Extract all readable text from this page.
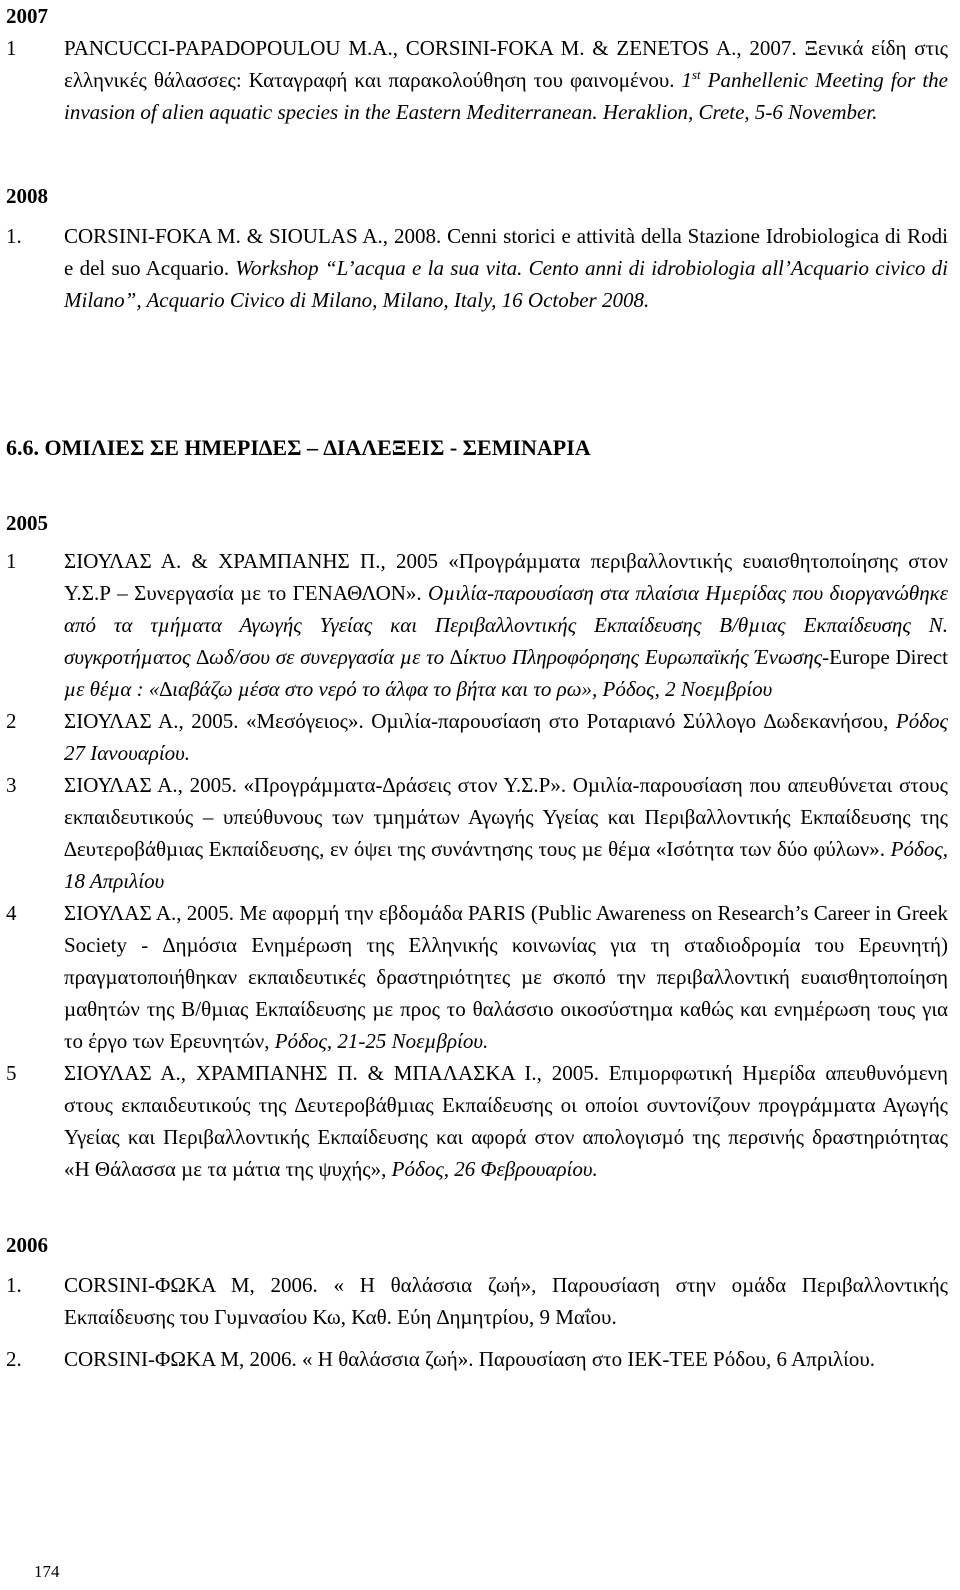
2007
1 PANCUCCI-PAPADOPOULOU M.A., CORSINI-FOKA M. & ZENETOS A., 2007. Ξενικά είδη στις ελληνικές θάλασσες: Καταγραφή και παρακολούθηση του φαινομένου. 1st Panhellenic Meeting for the invasion of alien aquatic species in the Eastern Mediterranean. Heraklion, Crete, 5-6 November.
2008
1. CORSINI-FOKA M. & SIOULAS A., 2008. Cenni storici e attività della Stazione Idrobiologica di Rodi e del suo Acquario. Workshop “L’acqua e la sua vita. Cento anni di idrobiologia all’Acquario civico di Milano”, Acquario Civico di Milano, Milano, Italy, 16 October 2008.
6.6. ΟΜΙΛΙΕΣ ΣΕ ΗΜΕΡΙ∆ΕΣ – ∆ΙΑΛΕΞΕΙΣ - ΣΕΜΙΝΑΡΙΑ
2005
1 ΣΙΟΥΛΑΣ Α. & ΧΡΑΜΠΑΝΗΣ Π., 2005 «Προγράµµατα περιβαλλοντικής ευαισθητοποίησης στον Υ.Σ.Ρ – Συνεργασία µε το ΓΕΝΑΘΛΟΝ». Οµιλία-παρουσίαση στα πλαίσια Ηµερίδας που διοργανώθηκε από τα τµήµατα Αγωγής Υγείας και Περιβαλλοντικής Εκπαίδευσης Β/θµιας Εκπαίδευσης Ν. συγκροτήµατος ∆ωδ/σου σε συνεργασία µε το ∆ίκτυο Πληροφόρησης Ευρωπαϊκής Ένωσης-Europe Direct µε θέµα : «∆ιαβάζω µέσα στο νερό το άλφα το βήτα και το ρω», Ρόδος, 2 Νοεµβρίου
2 ΣΙΟΥΛΑΣ Α., 2005. «Μεσόγειος». Οµιλία-παρουσίαση στο Ροταριανό Σύλλογο ∆ωδεκανήσου, Ρόδος 27 Ιανουαρίου.
3 ΣΙΟΥΛΑΣ Α., 2005. «Προγράµµατα-∆ράσεις στον Υ.Σ.Ρ». Οµιλία-παρουσίαση που απευθύνεται στους εκπαιδευτικούς – υπεύθυνους των τµηµάτων Αγωγής Υγείας και Περιβαλλοντικής Εκπαίδευσης της ∆ευτεροβάθµιας Εκπαίδευσης, εν όψει της συνάντησης τους µε θέµα «Ισότητα των δύο φύλων». Ρόδος, 18 Απριλίου
4 ΣΙΟΥΛΑΣ Α., 2005. Με αφορµή την εβδοµάδα PARIS (Public Awareness on Research’s Career in Greek Society - ∆ηµόσια Ενηµέρωση της Ελληνικής κοινωνίας για τη σταδιοδροµία του Ερευνητή) πραγµατοποιήθηκαν εκπαιδευτικές δραστηριότητες µε σκοπό την περιβαλλοντική ευαισθητοποίηση µαθητών της Β/θµιας Εκπαίδευσης µε προς το θαλάσσιο οικοσύστηµα καθώς και ενηµέρωση τους για το έργο των Ερευνητών, Ρόδος, 21-25 Νοεµβρίου.
5 ΣΙΟΥΛΑΣ Α., ΧΡΑΜΠΑΝΗΣ Π. & ΜΠΑΛΑΣΚΑ Ι., 2005. Επιµορφωτική Ηµερίδα απευθυνόµενη στους εκπαιδευτικούς της ∆ευτεροβάθµιας Εκπαίδευσης οι οποίοι συντονίζουν προγράµµατα Αγωγής Υγείας και Περιβαλλοντικής Εκπαίδευσης και αφορά στον απολογισµό της περσινής δραστηριότητας «Η Θάλασσα µε τα µάτια της ψυχής», Ρόδος, 26 Φεβρουαρίου.
2006
1. CORSINI-ΦΩΚΑ Μ, 2006. « Η θαλάσσια ζωή», Παρουσίαση στην οµάδα Περιβαλλοντικής Εκπαίδευσης του Γυµνασίου Κω, Καθ. Εύη ∆ηµητρίου, 9 Μαΐου.
2. CORSINI-ΦΩΚΑ Μ, 2006. « Η θαλάσσια ζωή». Παρουσίαση στο ΙΕΚ-ΤΕΕ Ρόδου, 6 Απριλίου.
174
